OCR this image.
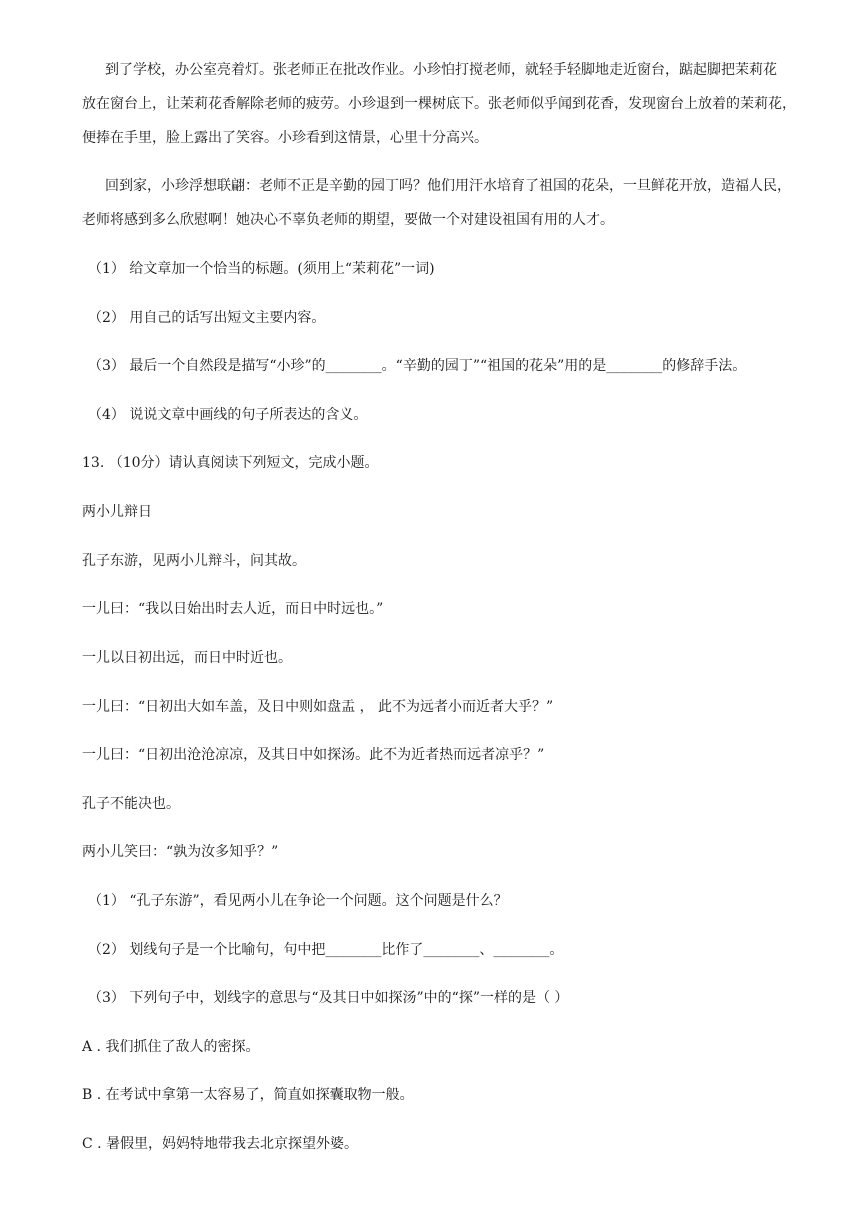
到了学校，办公室亮着灯。张老师正在批改作业。小珍怕打搅老师，就轻手轻脚地走近窗台，踮起脚把茉莉花
放在窗台上，让茉莉花香解除老师的疲劳。小珍退到一棵树底下。张老师似乎闻到花香，发现窗台上放着的茉莉花，
便捧在手里，脸上露出了笑容。小珍看到这情景，心里十分高兴。
回到家，小珍浮想联翩：老师不正是辛勤的园丁吗？他们用汗水培育了祖国的花朵，一旦鲜花开放，造福人民，
老师将感到多么欣慰啊！她决心不辜负老师的期望，要做一个对建设祖国有用的人才。
（1） 给文章加一个恰当的标题。(须用上“茉莉花”一词)
（2） 用自己的话写出短文主要内容。
（3） 最后一个自然段是描写“小珍”的________。“辛勤的园丁”“祖国的花朵”用的是________的修辞手法。
（4） 说说文章中画线的句子所表达的含义。
13. （10分）请认真阅读下列短文，完成小题。
两小儿辩日
孔子东游，见两小儿辩斗，问其故。
一儿曰：“我以日始出时去人近，而日中时远也。”
一儿以日初出远，而日中时近也。
一儿曰：“日初出大如车盖，及日中则如盘盂 ， 此不为远者小而近者大乎？”
一儿曰：“日初出沧沧凉凉，及其日中如探汤。此不为近者热而远者凉乎？”
孔子不能决也。
两小儿笑曰：“孰为汝多知乎？”
（1） “孔子东游”，看见两小儿在争论一个问题。这个问题是什么？
（2） 划线句子是一个比喻句，句中把________比作了________、________。
（3） 下列句子中，划线字的意思与“及其日中如探汤”中的“探”一样的是（ ）
A . 我们抓住了敌人的密探。
B . 在考试中拿第一太容易了，简直如探囊取物一般。
C . 暑假里，妈妈特地带我去北京探望外婆。
